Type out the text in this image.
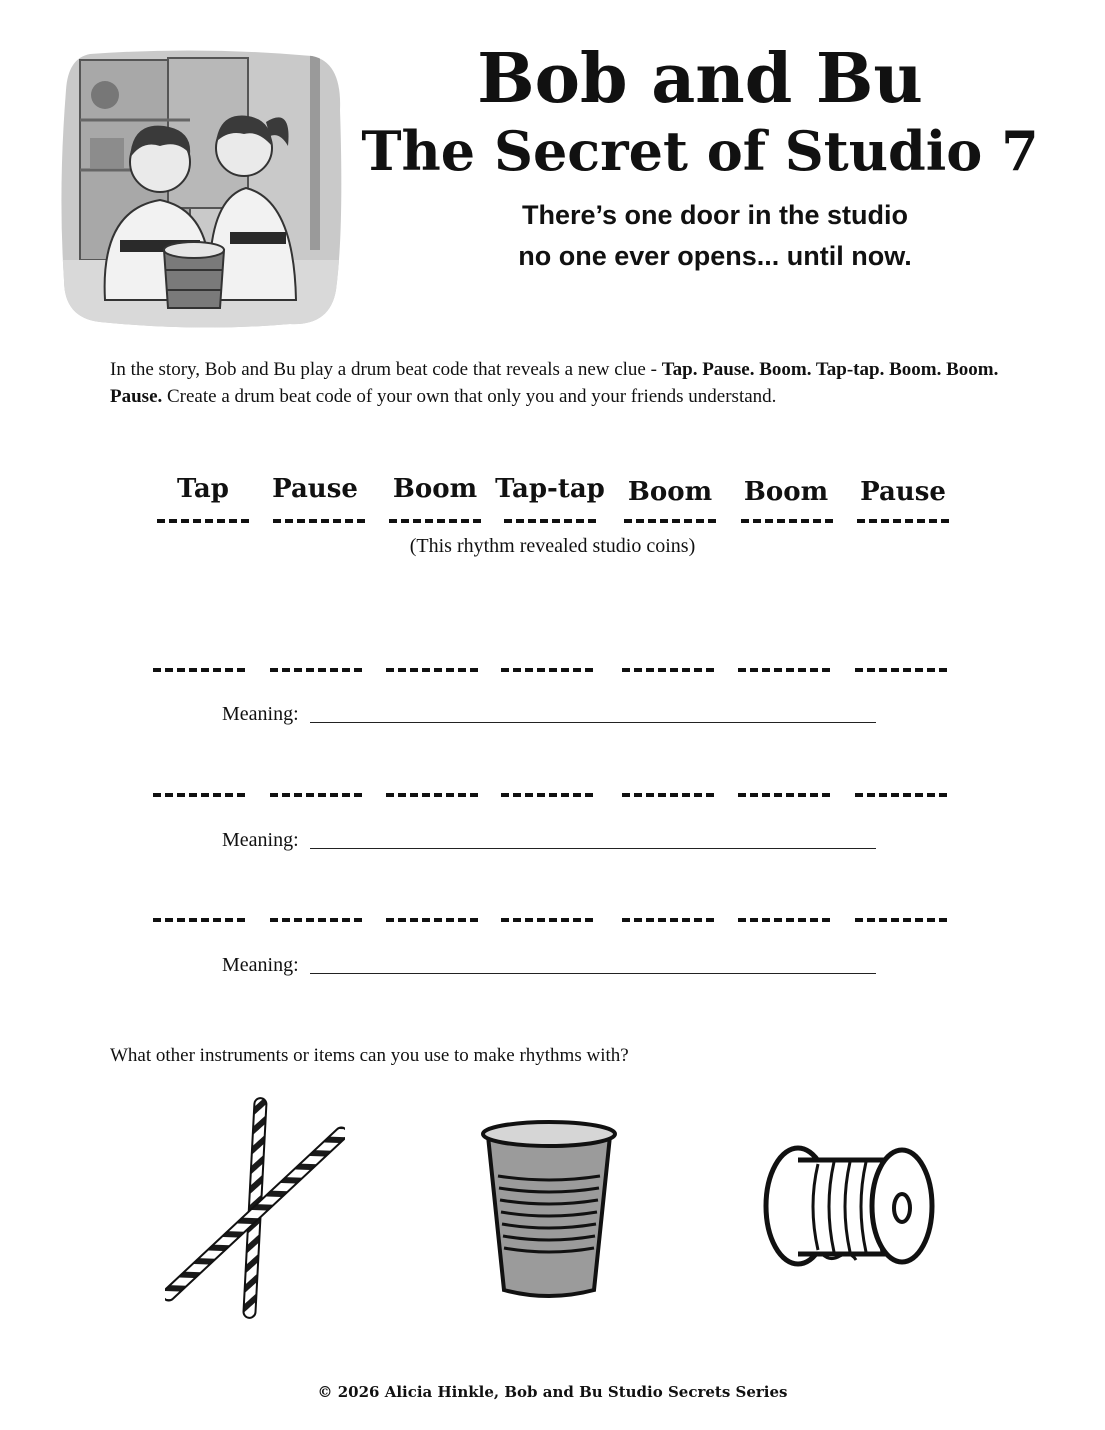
Bob and Bu
The Secret of Studio 7
There’s one door in the studio
no one ever opens... until now.
In the story, Bob and Bu play a drum beat code that reveals a new clue - Tap. Pause. Boom. Tap-tap. Boom. Boom. Pause. Create a drum beat code of your own that only you and your friends understand.
Tap	Pause	Boom Tap-tap Boom	Boom	Pause
(This rhythm revealed studio coins)
Meaning:
Meaning:
Meaning:
What other instruments or items can you use to make rhythms with?
© 2026 Alicia Hinkle, Bob and Bu Studio Secrets Series
